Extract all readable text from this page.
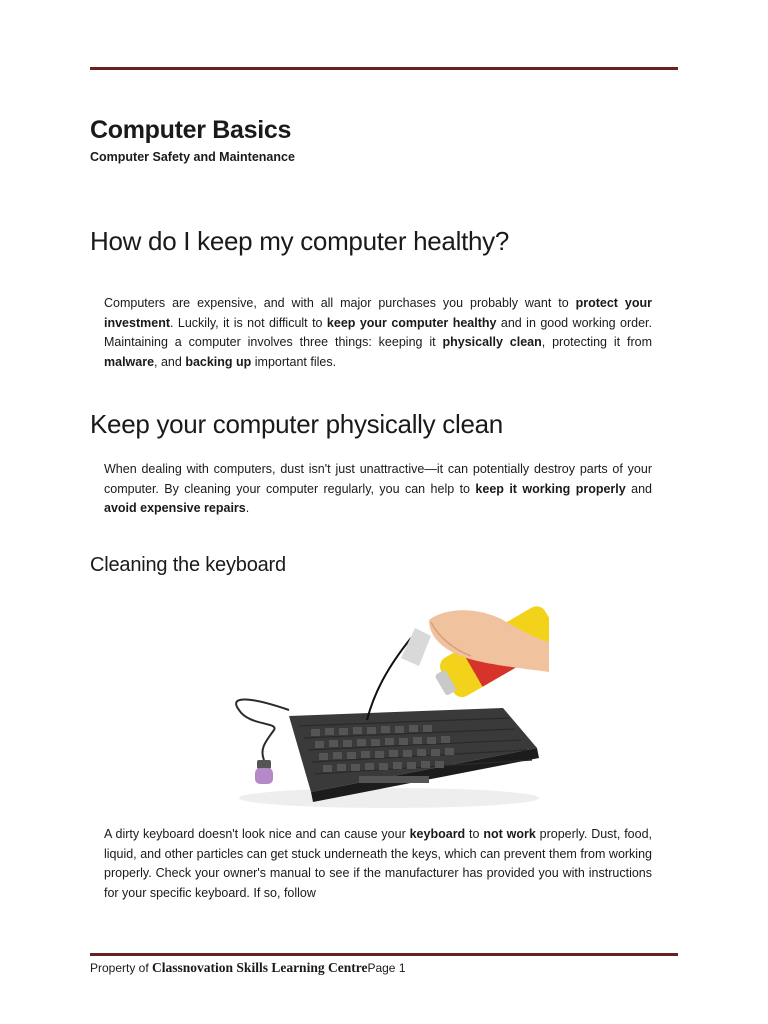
Computer Basics

Computer Safety and Maintenance

How do I keep my computer healthy?

Computers are expensive, and with all major purchases you probably want to protect your investment. Luckily, it is not difficult to keep your computer healthy and in good working order. Maintaining a computer involves three things: keeping it physically clean, protecting it from malware, and backing up important files.

Keep your computer physically clean

When dealing with computers, dust isn't just unattractive—it can potentially destroy parts of your computer. By cleaning your computer regularly, you can help to keep it working properly and avoid expensive repairs.

Cleaning the keyboard

A dirty keyboard doesn't look nice and can cause your keyboard to not work properly. Dust, food, liquid, and other particles can get stuck underneath the keys, which can prevent them from working properly. Check your owner's manual to see if the manufacturer has provided you with instructions for your specific keyboard. If so, follow

Property of Classnovation Skills Learning CentrePage 1
